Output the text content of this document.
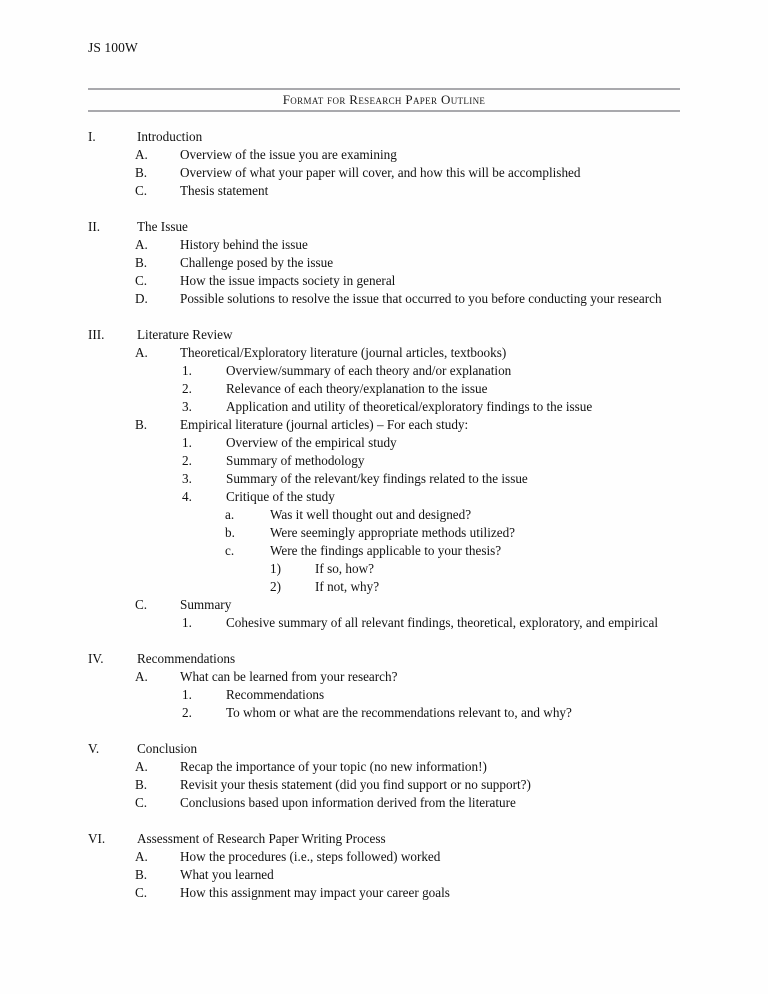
JS 100W
Format for Research Paper Outline
I.	Introduction
A. Overview of the issue you are examining
B. Overview of what your paper will cover, and how this will be accomplished
C. Thesis statement
II.	The Issue
A. History behind the issue
B. Challenge posed by the issue
C. How the issue impacts society in general
D. Possible solutions to resolve the issue that occurred to you before conducting your research
III. Literature Review
A. Theoretical/Exploratory literature (journal articles, textbooks)
1.	Overview/summary of each theory and/or explanation
2.	Relevance of each theory/explanation to the issue
3.	Application and utility of theoretical/exploratory findings to the issue
B. Empirical literature (journal articles) – For each study:
1.	Overview of the empirical study
2.	Summary of methodology
3.	Summary of the relevant/key findings related to the issue
4.	Critique of the study
a.	Was it well thought out and designed?
b.	Were seemingly appropriate methods utilized?
c.	Were the findings applicable to your thesis?
1)	If so, how?
2)	If not, why?
C. Summary
1.	Cohesive summary of all relevant findings, theoretical, exploratory, and empirical
IV.	Recommendations
A. What can be learned from your research?
1.	Recommendations
2.	To whom or what are the recommendations relevant to, and why?
V.	Conclusion
A. Recap the importance of your topic (no new information!)
B. Revisit your thesis statement (did you find support or no support?)
C. Conclusions based upon information derived from the literature
VI. Assessment of Research Paper Writing Process
A. How the procedures (i.e., steps followed) worked
B. What you learned
C. How this assignment may impact your career goals
